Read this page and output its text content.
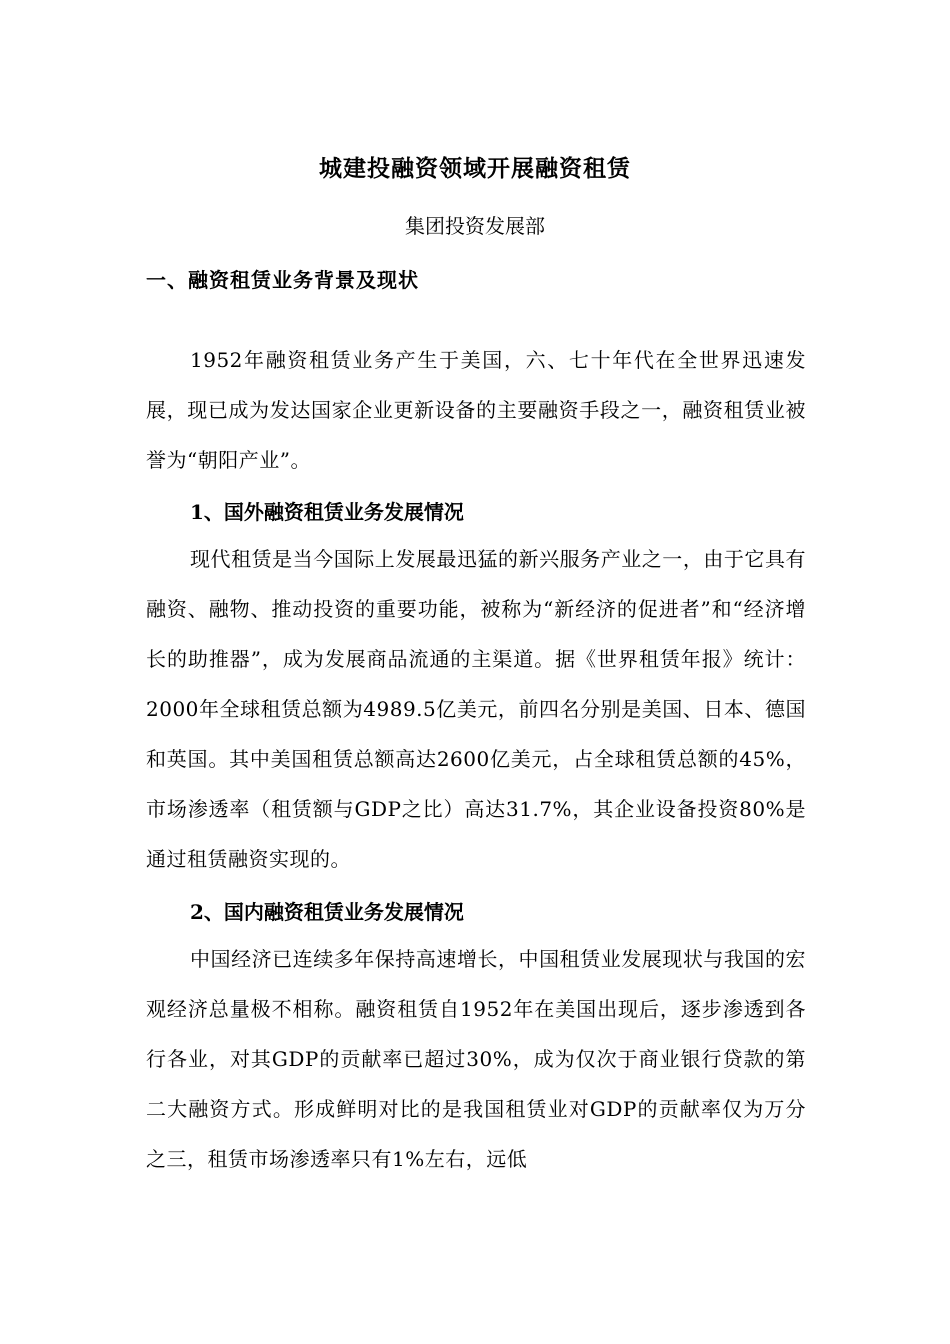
城建投融资领域开展融资租赁
集团投资发展部
一、融资租赁业务背景及现状
1952年融资租赁业务产生于美国，六、七十年代在全世界迅速发展，现已成为发达国家企业更新设备的主要融资手段之一，融资租赁业被誉为“朝阳产业”。
1、国外融资租赁业务发展情况
现代租赁是当今国际上发展最迅猛的新兴服务产业之一，由于它具有融资、融物、推动投资的重要功能，被称为“新经济的促进者”和“经济增长的助推器”，成为发展商品流通的主渠道。据《世界租赁年报》统计：2000年全球租赁总额为4989.5亿美元，前四名分别是美国、日本、德国和英国。其中美国租赁总额高达2600亿美元，占全球租赁总额的45%，市场渗透率（租赁额与GDP之比）高达31.7%，其企业设备投资80%是通过租赁融资实现的。
2、国内融资租赁业务发展情况
中国经济已连续多年保持高速增长，中国租赁业发展现状与我国的宏观经济总量极不相称。融资租赁自1952年在美国出现后，逐步渗透到各行各业，对其GDP的贡献率已超过30%，成为仅次于商业银行贷款的第二大融资方式。形成鲜明对比的是我国租赁业对GDP的贡献率仅为万分之三，租赁市场渗透率只有1%左右，远低
